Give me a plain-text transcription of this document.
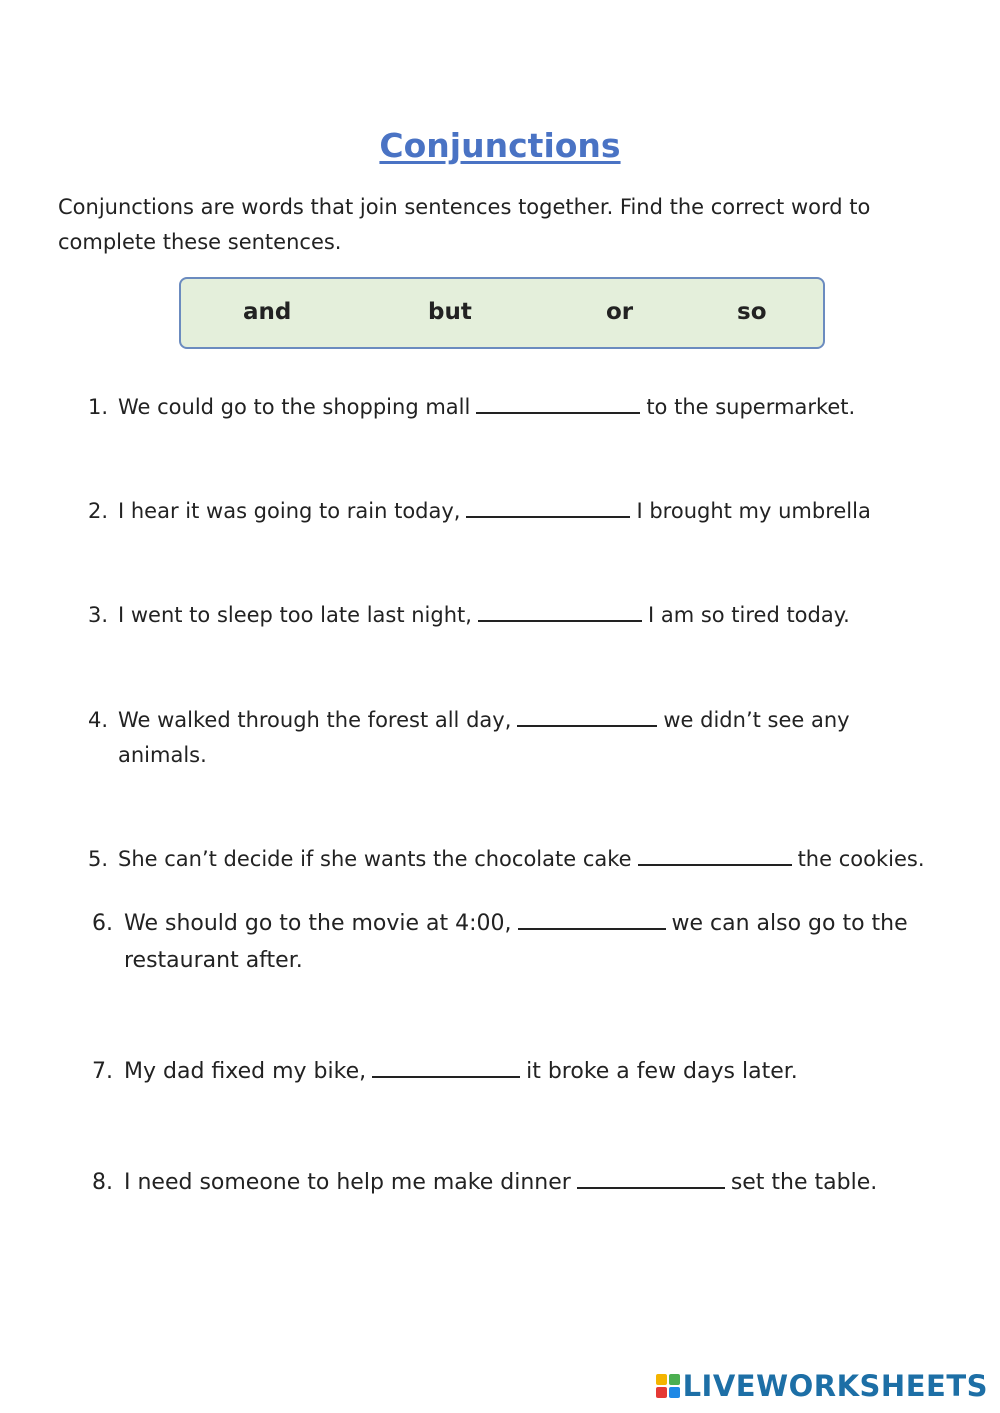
Conjunctions
Conjunctions are words that join sentences together. Find the correct word to complete these sentences.
and	but	or	so
1. We could go to the shopping mall	to the supermarket.
2. I hear it was going to rain today,	I brought my umbrella
3. I went to sleep too late last night,	I am so tired today.
4. We walked through the forest all day,	we didn’t see any animals.
5. She can’t decide if she wants the chocolate cake	the cookies.
6. We should go to the movie at 4:00,	we can also go to the restaurant after.
7. My dad fixed my bike,	it broke a few days later.
8. I need someone to help me make dinner	set the table.
LIVEWORKSHEETS
